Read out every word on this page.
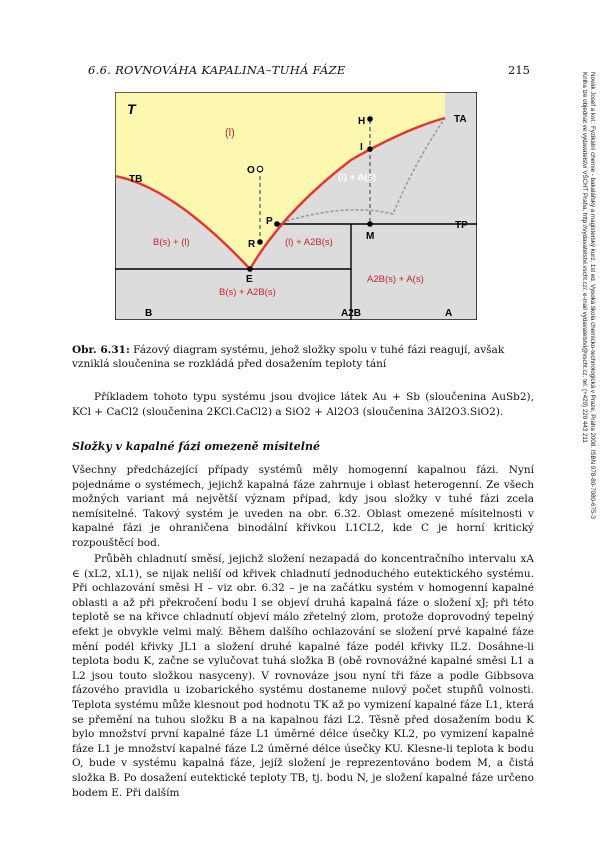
6.6. ROVNOVÁHA KAPALINA–TUHÁ FÁZE	215
T
TB
TA
TP
(l)
(l) + A(s)
B(s) + (l)	(l) + A2B(s)
A2B(s) + A(s)
B(s) + A2B(s)
H
I
O
P
R
M
E
B	A2B	A
Obr. 6.31: Fázový diagram systému, jehož složky spolu v tuhé fázi reagují, avšak vzniklá sloučenina se rozkládá před dosažením teploty tání
Příkladem tohoto typu systému jsou dvojice látek Au + Sb (sloučenina AuSb2), KCl + CaCl2 (sloučenina 2KCl.CaCl2) a SiO2 + Al2O3 (sloučenina 3Al2O3.SiO2).
Složky v kapalné fázi omezeně mísitelné
Všechny předcházející případy systémů měly homogenní kapalnou fázi. Nyní pojednáme o systémech, jejichž kapalná fáze zahrnuje i oblast heterogenní. Ze všech možných variant má největší význam případ, kdy jsou složky v tuhé fázi zcela nemísitelné. Takový systém je uveden na obr. 6.32. Oblast omezené mísitelnosti v kapalné fázi je ohraničena binodální křivkou L1CL2, kde C je horní kritický rozpouštěcí bod.
Průběh chladnutí směsí, jejichž složení nezapadá do koncentračního intervalu xA ∈ (xL2, xL1), se nijak neliší od křivek chladnutí jednoduchého eutektického systému. Při ochlazování směsi H – viz obr. 6.32 – je na začátku systém v homogenní kapalné oblasti a až při překročení bodu I se objeví druhá kapalná fáze o složení xJ; při této teplotě se na křivce chladnutí objeví málo zřetelný zlom, protože doprovodný tepelný efekt je obvykle velmi malý. Během dalšího ochlazování se složení prvé kapalné fáze mění podél křivky JL1 a složení druhé kapalné fáze podél křivky IL2. Dosáhne-li teplota bodu K, začne se vylučovat tuhá složka B (obě rovnovážné kapalné směsi L1 a L2 jsou touto složkou nasyceny). V rovnováze jsou nyní tři fáze a podle Gibbsova fázového pravidla u izobarického systému dostaneme nulový počet stupňů volnosti. Teplota systému může klesnout pod hodnotu TK až po vymizení kapalné fáze L1, která se přemění na tuhou složku B a na kapalnou fázi L2. Těsně před dosažením bodu K bylo množství první kapalné fáze L1 úměrné délce úsečky KL2, po vymizení kapalné fáze L1 je množství kapalné fáze L2 úměrné délce úsečky KU. Klesne-li teplota k bodu O, bude v systému kapalná fáze, jejíž složení je reprezentováno bodem M, a čistá složka B. Po dosažení eutektické teploty TB, tj. bodu N, je složení kapalné fáze určeno bodem E. Při dalším
Novák Josef a kol.: Fyzikální chemie - bakalářský a magisterský kurz. 1st ed. Vysoká škola chemicko-technologická v Praze, Praha 2008. ISBN 978-80-7080-675-3
Kniha lze objednat ve vydavatelství VŠCHT Praha, http://vydavatelstvi.vscht.cz/, e-mail vydavatelstvi@vscht.cz, tel. (+420) 220 443 211
